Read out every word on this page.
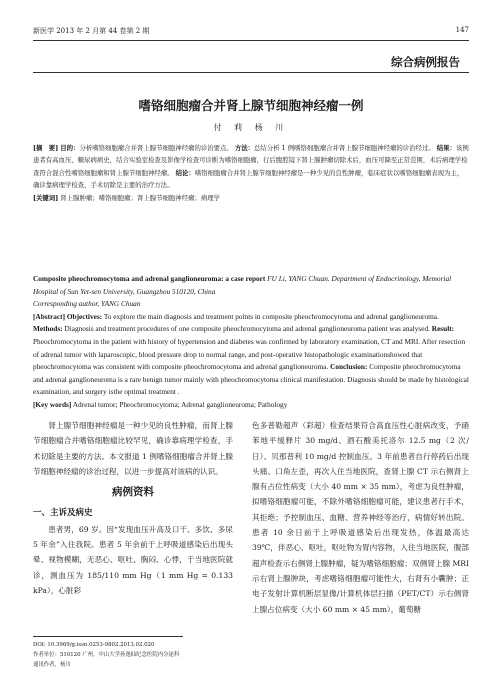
新医学 2013 年 2 月第 44 卷第 2 期	147
综合病例报告
嗜铬细胞瘤合并肾上腺节细胞神经瘤一例
付 莉 杨 川
[摘　要] 目的：分析嗜铬细胞瘤合并肾上腺节细胞神经瘤的诊治要点。 方法：总结分析 1 例嗜铬细胞瘤合并肾上腺节细胞神经瘤的诊治经过。 结果：该例患者有高血压、糖尿病病史，结合实验室检查及影像学检查可诊断为嗜铬细胞瘤，行后腹腔镜下肾上腺肿瘤切除术后，血压可降至正常范围，术后病理学检查符合混合性嗜铬细胞瘤和肾上腺节细胞神经瘤。 结论：嗜铬细胞瘤合并肾上腺节细胞神经瘤是一种少见的良性肿瘤，临床症状以嗜铬细胞瘤表现为主，确诊靠病理学检查，手术切除是主要的治疗方法。
[关键词] 肾上腺肿瘤；嗜铬细胞瘤；肾上腺节细胞神经瘤；病理学
Composite pheochromocytoma and adrenal ganglioneuroma: a case report FU Li, YANG Chuan. Department of Endocrinology, Memorial Hospital of Sun Yet-sen University, Guangzhou 510120, China
Corresponding author, YANG Chuan
[Abstract] Objectives: To explore the main diagnosis and treatment points in composite pheochromocytoma and adrenal ganglioneuroma. Methods: Diagnosis and treatment procedures of one composite pheochromocytoma and adrenal ganglioneuroma patient was analysed. Result: Pheochromocytoma in the patient with history of hypertension and diabetes was confirmed by laboratory examination, CT and MRI. After resection of adrenal tumor with laparoscopic, blood pressure drop to normal range, and post-operative histopathologic examinationshowed that pheochromocytoma was consistent with composite pheochromocytoma and adrenal ganglioneuroma. Conclusion: Composite pheochromocytoma and adrenal ganglioneuroma is a rare benign tumor mainly with pheochromocytoma clinical manifestation. Diagnosis should be made by histological examination, and surgery isthe optimal treatment .
[Key words] Adrenal tumor; Pheochromocytoma; Adrenal ganglioneuroma; Pathology

肾上腺节细胞神经瘤是一种少见的良性肿瘤，而肾上腺节细胞瘤合并嗜铬细胞瘤比较罕见，确诊靠病理学检查，手术切除是主要的方法。本文报道 1 例嗜铬细胞瘤合并肾上腺节细胞神经瘤的诊治过程，以进一步提高对该病的认识。

病例资料
一、主诉及病史

患者男，69 岁。因“发现血压升高及口干、多饮、多尿 5 年余”入住我院。患者 5 年余前于上呼吸道感染后出现头晕、视物模糊，无恶心、呕吐、胸闷、心悸，于当地医院就诊，测血压为 185/110 mm Hg（1 mm Hg = 0.133 kPa），心脏彩

色多普勒超声（彩超）检查结果符合高血压性心脏病改变，予硝苯地平缓释片 30 mg/d、酒石酸美托洛尔 12.5 mg（2 次/日）、贝那普利 10 mg/d 控制血压。3 年前患者自行停药后出现头痛、口角左歪，再次入住当地医院，查肾上腺 CT 示右侧肾上腺有占位性病变（大小 40 mm × 35 mm），考虑为良性肿瘤，拟嗜铬细胞瘤可能，不除外嗜铬细胞瘤可能，建议患者行手术，其拒绝；予控制血压、血糖、营养神经等治疗，病情好转出院。患者 10 余日前于上呼吸道感染后出现发热，体温最高达 39℃，伴恶心、呕吐，呕吐物为胃内容物，入住当地医院，腹部超声检查示右侧肾上腺肿瘤，疑为嗜铬细胞瘤；双侧肾上腺 MRI 示右肾上腺肿块，考虑嗜铬细胞瘤可能性大，右肾有小囊肿；正电子发射计算机断层显像/计算机体层扫描（PET/CT）示右侧肾上腺占位病变（大小 60 mm × 45 mm），葡萄糖

DOI: 10.3969/g.issn.0253-9802.2013.02.020
作者单位：510120 广州，中山大学孙逸仙纪念医院内分泌科
通讯作者，杨川
